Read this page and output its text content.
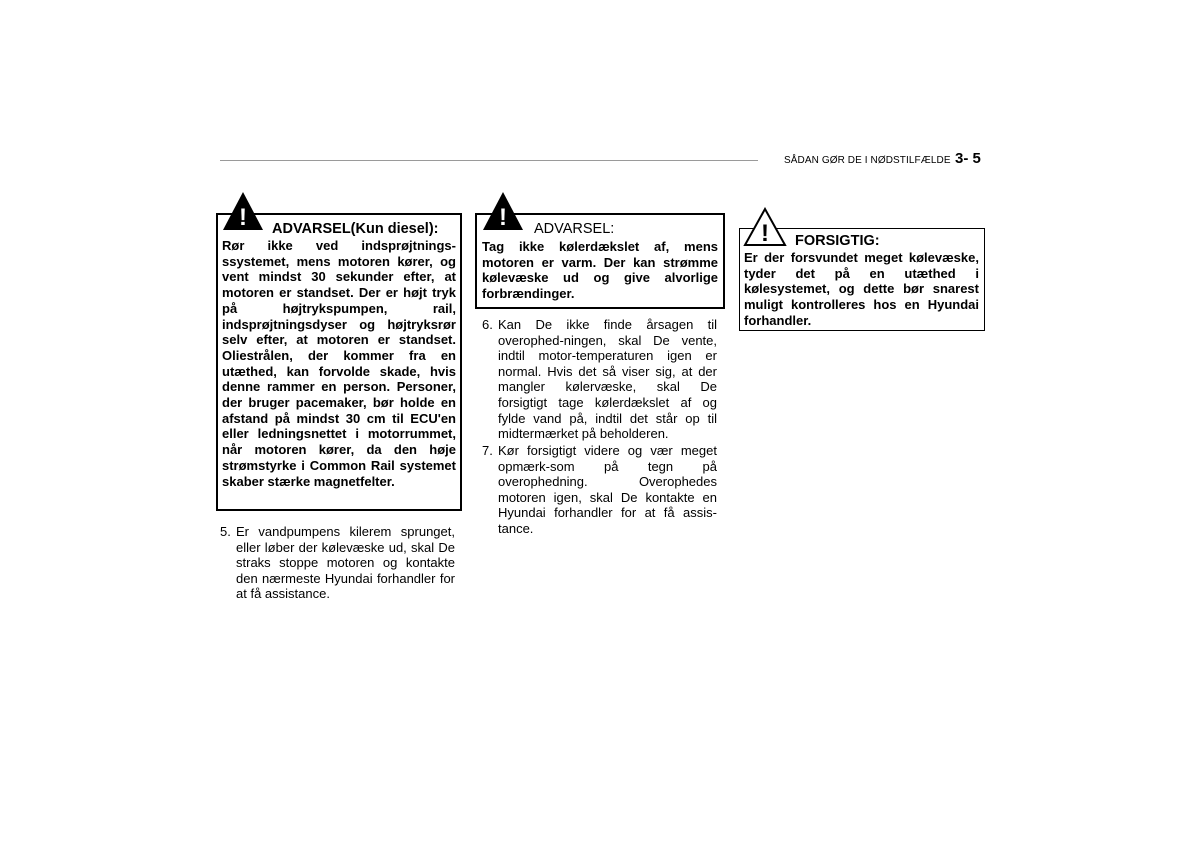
SÅDAN GØR DE I NØDSTILFÆLDE 3- 5
! ADVARSEL(Kun diesel):
Rør ikke ved indsprøjtnings-ssystemet, mens motoren kører, og vent mindst 30 sekunder efter, at motoren er standset. Der er højt tryk på højtrykspumpen, rail, indsprøjtningsdyser og højtryksrør selv efter, at motoren er standset. Oliestrålen, der kommer fra en utæthed, kan forvolde skade, hvis denne rammer en person. Personer, der bruger pacemaker, bør holde en afstand på mindst 30 cm til ECU'en eller ledningsnettet i motorrummet, når motoren kører, da den høje strømstyrke i Common Rail systemet skaber stærke magnetfelter.
5. Er vandpumpens kilerem sprunget, eller løber der kølevæske ud, skal De straks stoppe motoren og kontakte den nærmeste Hyundai forhandler for at få assistance.
! ADVARSEL:
Tag ikke kølerdækslet af, mens motoren er varm. Der kan strømme kølevæske ud og give alvorlige forbrændinger.
6. Kan De ikke finde årsagen til overophed-ningen, skal De vente, indtil motor-temperaturen igen er normal. Hvis det så viser sig, at der mangler kølervæske, skal De forsigtigt tage kølerdækslet af og fylde vand på, indtil det står op til midtermærket på beholderen.
7. Kør forsigtigt videre og vær meget opmærk-som på tegn på overophedning. Overophedes motoren igen, skal De kontakte en Hyundai forhandler for at få assis-tance.
! FORSIGTIG:
Er der forsvundet meget kølevæske, tyder det på en utæthed i kølesystemet, og dette bør snarest muligt kontrolleres hos en Hyundai forhandler.
